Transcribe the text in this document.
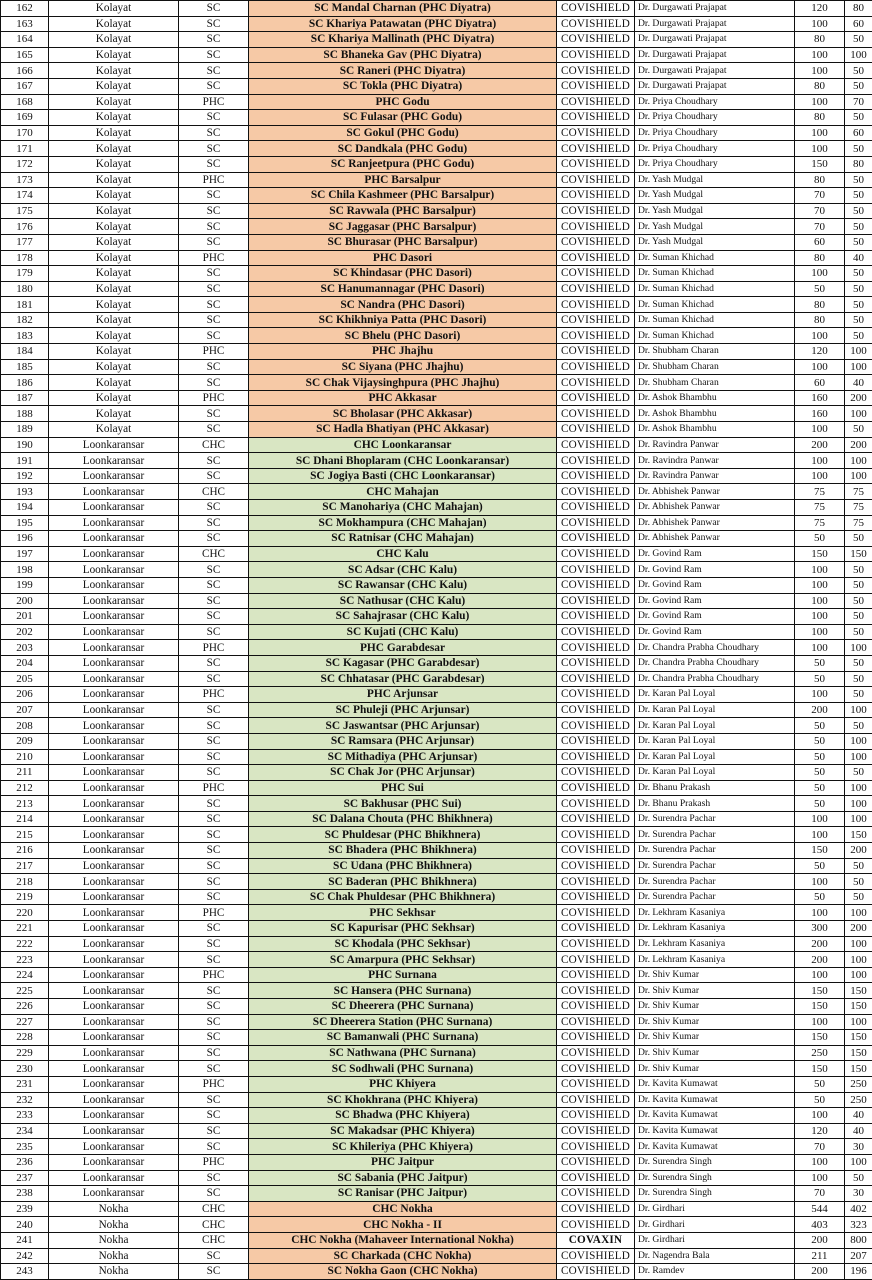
162	Kolayat	SC	SC Mandal Charnan (PHC Diyatra)	COVISHIELD	Dr. Durgawati Prajapat	120	80
163	Kolayat	SC	SC Khariya Patawatan (PHC Diyatra)	COVISHIELD	Dr. Durgawati Prajapat	100	60
164	Kolayat	SC	SC Khariya Mallinath (PHC Diyatra)	COVISHIELD	Dr. Durgawati Prajapat	80	50
165	Kolayat	SC	SC Bhaneka Gav (PHC Diyatra)	COVISHIELD	Dr. Durgawati Prajapat	100	100
166	Kolayat	SC	SC Raneri (PHC Diyatra)	COVISHIELD	Dr. Durgawati Prajapat	100	50
167	Kolayat	SC	SC Tokla (PHC Diyatra)	COVISHIELD	Dr. Durgawati Prajapat	80	50
168	Kolayat	PHC	PHC Godu	COVISHIELD	Dr. Priya Choudhary	100	70
169	Kolayat	SC	SC Fulasar (PHC Godu)	COVISHIELD	Dr. Priya Choudhary	80	50
170	Kolayat	SC	SC Gokul (PHC Godu)	COVISHIELD	Dr. Priya Choudhary	100	60
171	Kolayat	SC	SC Dandkala (PHC Godu)	COVISHIELD	Dr. Priya Choudhary	100	50
172	Kolayat	SC	SC Ranjeetpura (PHC Godu)	COVISHIELD	Dr. Priya Choudhary	150	80
173	Kolayat	PHC	PHC Barsalpur	COVISHIELD	Dr. Yash Mudgal	80	50
174	Kolayat	SC	SC Chila Kashmeer (PHC Barsalpur)	COVISHIELD	Dr. Yash Mudgal	70	50
175	Kolayat	SC	SC Ravwala (PHC Barsalpur)	COVISHIELD	Dr. Yash Mudgal	70	50
176	Kolayat	SC	SC Jaggasar (PHC Barsalpur)	COVISHIELD	Dr. Yash Mudgal	70	50
177	Kolayat	SC	SC Bhurasar (PHC Barsalpur)	COVISHIELD	Dr. Yash Mudgal	60	50
178	Kolayat	PHC	PHC Dasori	COVISHIELD	Dr. Suman Khichad	80	40
179	Kolayat	SC	SC Khindasar (PHC Dasori)	COVISHIELD	Dr. Suman Khichad	100	50
180	Kolayat	SC	SC Hanumannagar (PHC Dasori)	COVISHIELD	Dr. Suman Khichad	50	50
181	Kolayat	SC	SC Nandra (PHC Dasori)	COVISHIELD	Dr. Suman Khichad	80	50
182	Kolayat	SC	SC Khikhniya Patta (PHC Dasori)	COVISHIELD	Dr. Suman Khichad	80	50
183	Kolayat	SC	SC Bhelu (PHC Dasori)	COVISHIELD	Dr. Suman Khichad	100	50
184	Kolayat	PHC	PHC Jhajhu	COVISHIELD	Dr. Shubham Charan	120	100
185	Kolayat	SC	SC Siyana (PHC Jhajhu)	COVISHIELD	Dr. Shubham Charan	100	100
186	Kolayat	SC	SC Chak Vijaysinghpura (PHC Jhajhu)	COVISHIELD	Dr. Shubham Charan	60	40
187	Kolayat	PHC	PHC Akkasar	COVISHIELD	Dr. Ashok Bhambhu	160	200
188	Kolayat	SC	SC Bholasar (PHC Akkasar)	COVISHIELD	Dr. Ashok Bhambhu	160	100
189	Kolayat	SC	SC Hadla Bhatiyan (PHC Akkasar)	COVISHIELD	Dr. Ashok Bhambhu	100	50
190	Loonkaransar	CHC	CHC Loonkaransar	COVISHIELD	Dr. Ravindra Panwar	200	200
191	Loonkaransar	SC	SC Dhani Bhoplaram (CHC Loonkaransar)	COVISHIELD	Dr. Ravindra Panwar	100	100
192	Loonkaransar	SC	SC Jogiya Basti (CHC Loonkaransar)	COVISHIELD	Dr. Ravindra Panwar	100	100
193	Loonkaransar	CHC	CHC Mahajan	COVISHIELD	Dr. Abhishek Panwar	75	75
194	Loonkaransar	SC	SC Manohariya (CHC Mahajan)	COVISHIELD	Dr. Abhishek Panwar	75	75
195	Loonkaransar	SC	SC Mokhampura (CHC Mahajan)	COVISHIELD	Dr. Abhishek Panwar	75	75
196	Loonkaransar	SC	SC Ratnisar (CHC Mahajan)	COVISHIELD	Dr. Abhishek Panwar	50	50
197	Loonkaransar	CHC	CHC Kalu	COVISHIELD	Dr. Govind Ram	150	150
198	Loonkaransar	SC	SC Adsar (CHC Kalu)	COVISHIELD	Dr. Govind Ram	100	50
199	Loonkaransar	SC	SC Rawansar (CHC Kalu)	COVISHIELD	Dr. Govind Ram	100	50
200	Loonkaransar	SC	SC Nathusar (CHC Kalu)	COVISHIELD	Dr. Govind Ram	100	50
201	Loonkaransar	SC	SC Sahajrasar (CHC Kalu)	COVISHIELD	Dr. Govind Ram	100	50
202	Loonkaransar	SC	SC Kujati (CHC Kalu)	COVISHIELD	Dr. Govind Ram	100	50
203	Loonkaransar	PHC	PHC Garabdesar	COVISHIELD	Dr. Chandra Prabha Choudhary	100	100
204	Loonkaransar	SC	SC Kagasar (PHC Garabdesar)	COVISHIELD	Dr. Chandra Prabha Choudhary	50	50
205	Loonkaransar	SC	SC Chhatasar (PHC Garabdesar)	COVISHIELD	Dr. Chandra Prabha Choudhary	50	50
206	Loonkaransar	PHC	PHC Arjunsar	COVISHIELD	Dr. Karan Pal Loyal	100	50
207	Loonkaransar	SC	SC Phuleji (PHC Arjunsar)	COVISHIELD	Dr. Karan Pal Loyal	200	100
208	Loonkaransar	SC	SC Jaswantsar (PHC Arjunsar)	COVISHIELD	Dr. Karan Pal Loyal	50	50
209	Loonkaransar	SC	SC Ramsara (PHC Arjunsar)	COVISHIELD	Dr. Karan Pal Loyal	50	100
210	Loonkaransar	SC	SC Mithadiya (PHC Arjunsar)	COVISHIELD	Dr. Karan Pal Loyal	50	100
211	Loonkaransar	SC	SC Chak Jor (PHC Arjunsar)	COVISHIELD	Dr. Karan Pal Loyal	50	50
212	Loonkaransar	PHC	PHC Sui	COVISHIELD	Dr. Bhanu Prakash	50	100
213	Loonkaransar	SC	SC Bakhusar (PHC Sui)	COVISHIELD	Dr. Bhanu Prakash	50	100
214	Loonkaransar	SC	SC Dalana Chouta (PHC Bhikhnera)	COVISHIELD	Dr. Surendra Pachar	100	100
215	Loonkaransar	SC	SC Phuldesar (PHC Bhikhnera)	COVISHIELD	Dr. Surendra Pachar	100	150
216	Loonkaransar	SC	SC Bhadera (PHC Bhikhnera)	COVISHIELD	Dr. Surendra Pachar	150	200
217	Loonkaransar	SC	SC Udana (PHC Bhikhnera)	COVISHIELD	Dr. Surendra Pachar	50	50
218	Loonkaransar	SC	SC Baderan (PHC Bhikhnera)	COVISHIELD	Dr. Surendra Pachar	100	50
219	Loonkaransar	SC	SC Chak Phuldesar (PHC Bhikhnera)	COVISHIELD	Dr. Surendra Pachar	50	50
220	Loonkaransar	PHC	PHC Sekhsar	COVISHIELD	Dr. Lekhram Kasaniya	100	100
221	Loonkaransar	SC	SC Kapurisar (PHC Sekhsar)	COVISHIELD	Dr. Lekhram Kasaniya	300	200
222	Loonkaransar	SC	SC Khodala (PHC Sekhsar)	COVISHIELD	Dr. Lekhram Kasaniya	200	100
223	Loonkaransar	SC	SC Amarpura (PHC Sekhsar)	COVISHIELD	Dr. Lekhram Kasaniya	200	100
224	Loonkaransar	PHC	PHC Surnana	COVISHIELD	Dr. Shiv Kumar	100	100
225	Loonkaransar	SC	SC Hansera (PHC Surnana)	COVISHIELD	Dr. Shiv Kumar	150	150
226	Loonkaransar	SC	SC Dheerera (PHC Surnana)	COVISHIELD	Dr. Shiv Kumar	150	150
227	Loonkaransar	SC	SC Dheerera Station (PHC Surnana)	COVISHIELD	Dr. Shiv Kumar	100	100
228	Loonkaransar	SC	SC Bamanwali (PHC Surnana)	COVISHIELD	Dr. Shiv Kumar	150	150
229	Loonkaransar	SC	SC Nathwana (PHC Surnana)	COVISHIELD	Dr. Shiv Kumar	250	150
230	Loonkaransar	SC	SC Sodhwali (PHC Surnana)	COVISHIELD	Dr. Shiv Kumar	150	150
231	Loonkaransar	PHC	PHC Khiyera	COVISHIELD	Dr. Kavita Kumawat	50	250
232	Loonkaransar	SC	SC Khokhrana (PHC Khiyera)	COVISHIELD	Dr. Kavita Kumawat	50	250
233	Loonkaransar	SC	SC Bhadwa (PHC Khiyera)	COVISHIELD	Dr. Kavita Kumawat	100	40
234	Loonkaransar	SC	SC Makadsar (PHC Khiyera)	COVISHIELD	Dr. Kavita Kumawat	120	40
235	Loonkaransar	SC	SC Khileriya (PHC Khiyera)	COVISHIELD	Dr. Kavita Kumawat	70	30
236	Loonkaransar	PHC	PHC Jaitpur	COVISHIELD	Dr. Surendra Singh	100	100
237	Loonkaransar	SC	SC Sabania (PHC Jaitpur)	COVISHIELD	Dr. Surendra Singh	100	50
238	Loonkaransar	SC	SC Ranisar (PHC Jaitpur)	COVISHIELD	Dr. Surendra Singh	70	30
239	Nokha	CHC	CHC Nokha	COVISHIELD	Dr. Girdhari	544	402
240	Nokha	CHC	CHC Nokha - II	COVISHIELD	Dr. Girdhari	403	323
241	Nokha	CHC	CHC Nokha (Mahaveer International Nokha)	COVAXIN	Dr. Girdhari	200	800
242	Nokha	SC	SC Charkada (CHC Nokha)	COVISHIELD	Dr. Nagendra Bala	211	207
243	Nokha	SC	SC Nokha Gaon (CHC Nokha)	COVISHIELD	Dr. Ramdev	200	196
